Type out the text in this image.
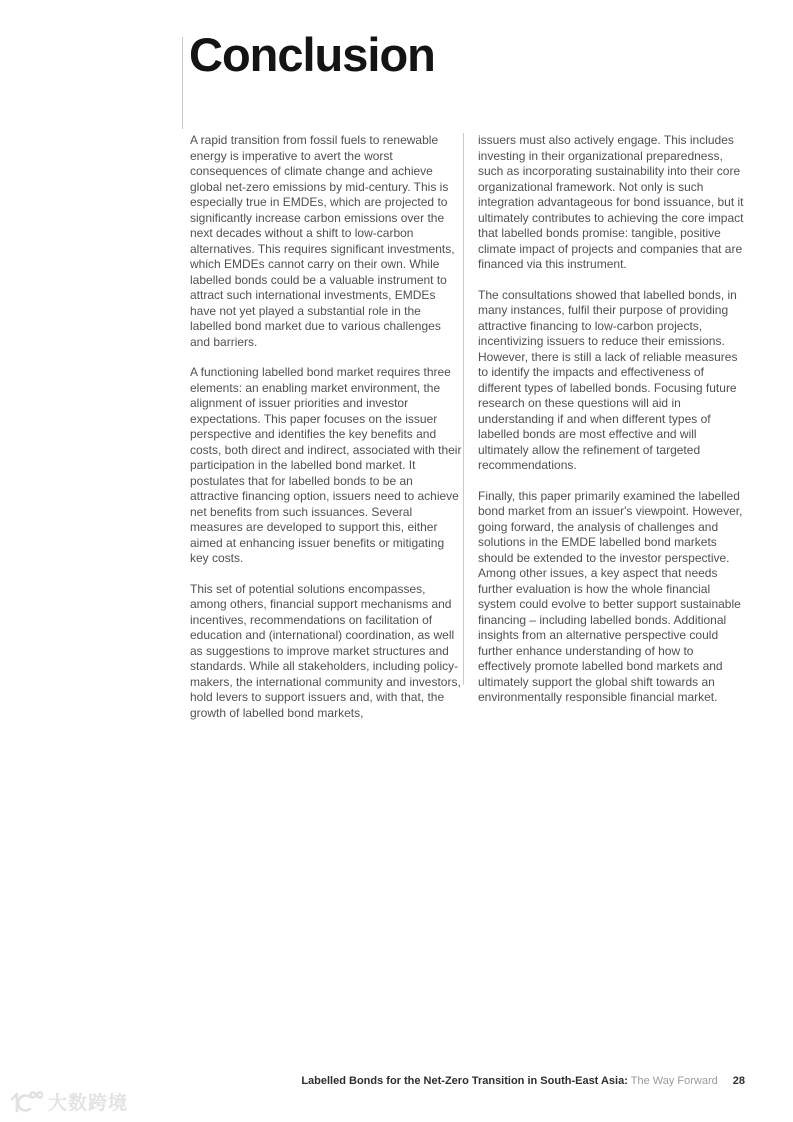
Conclusion

A rapid transition from fossil fuels to renewable energy is imperative to avert the worst consequences of climate change and achieve global net-zero emissions by mid-century. This is especially true in EMDEs, which are projected to significantly increase carbon emissions over the next decades without a shift to low-carbon alternatives. This requires significant investments, which EMDEs cannot carry on their own. While labelled bonds could be a valuable instrument to attract such international investments, EMDEs have not yet played a substantial role in the labelled bond market due to various challenges and barriers.

A functioning labelled bond market requires three elements: an enabling market environment, the alignment of issuer priorities and investor expectations. This paper focuses on the issuer perspective and identifies the key benefits and costs, both direct and indirect, associated with their participation in the labelled bond market. It postulates that for labelled bonds to be an attractive financing option, issuers need to achieve net benefits from such issuances. Several measures are developed to support this, either aimed at enhancing issuer benefits or mitigating key costs.

This set of potential solutions encompasses, among others, financial support mechanisms and incentives, recommendations on facilitation of education and (international) coordination, as well as suggestions to improve market structures and standards. While all stakeholders, including policy-makers, the international community and investors, hold levers to support issuers and, with that, the growth of labelled bond markets,

issuers must also actively engage. This includes investing in their organizational preparedness, such as incorporating sustainability into their core organizational framework. Not only is such integration advantageous for bond issuance, but it ultimately contributes to achieving the core impact that labelled bonds promise: tangible, positive climate impact of projects and companies that are financed via this instrument.

The consultations showed that labelled bonds, in many instances, fulfil their purpose of providing attractive financing to low-carbon projects, incentivizing issuers to reduce their emissions. However, there is still a lack of reliable measures to identify the impacts and effectiveness of different types of labelled bonds. Focusing future research on these questions will aid in understanding if and when different types of labelled bonds are most effective and will ultimately allow the refinement of targeted recommendations.

Finally, this paper primarily examined the labelled bond market from an issuer's viewpoint. However, going forward, the analysis of challenges and solutions in the EMDE labelled bond markets should be extended to the investor perspective. Among other issues, a key aspect that needs further evaluation is how the whole financial system could evolve to better support sustainable financing – including labelled bonds. Additional insights from an alternative perspective could further enhance understanding of how to effectively promote labelled bond markets and ultimately support the global shift towards an environmentally responsible financial market.

Labelled Bonds for the Net-Zero Transition in South-East Asia: The Way Forward 28
大数跨境
